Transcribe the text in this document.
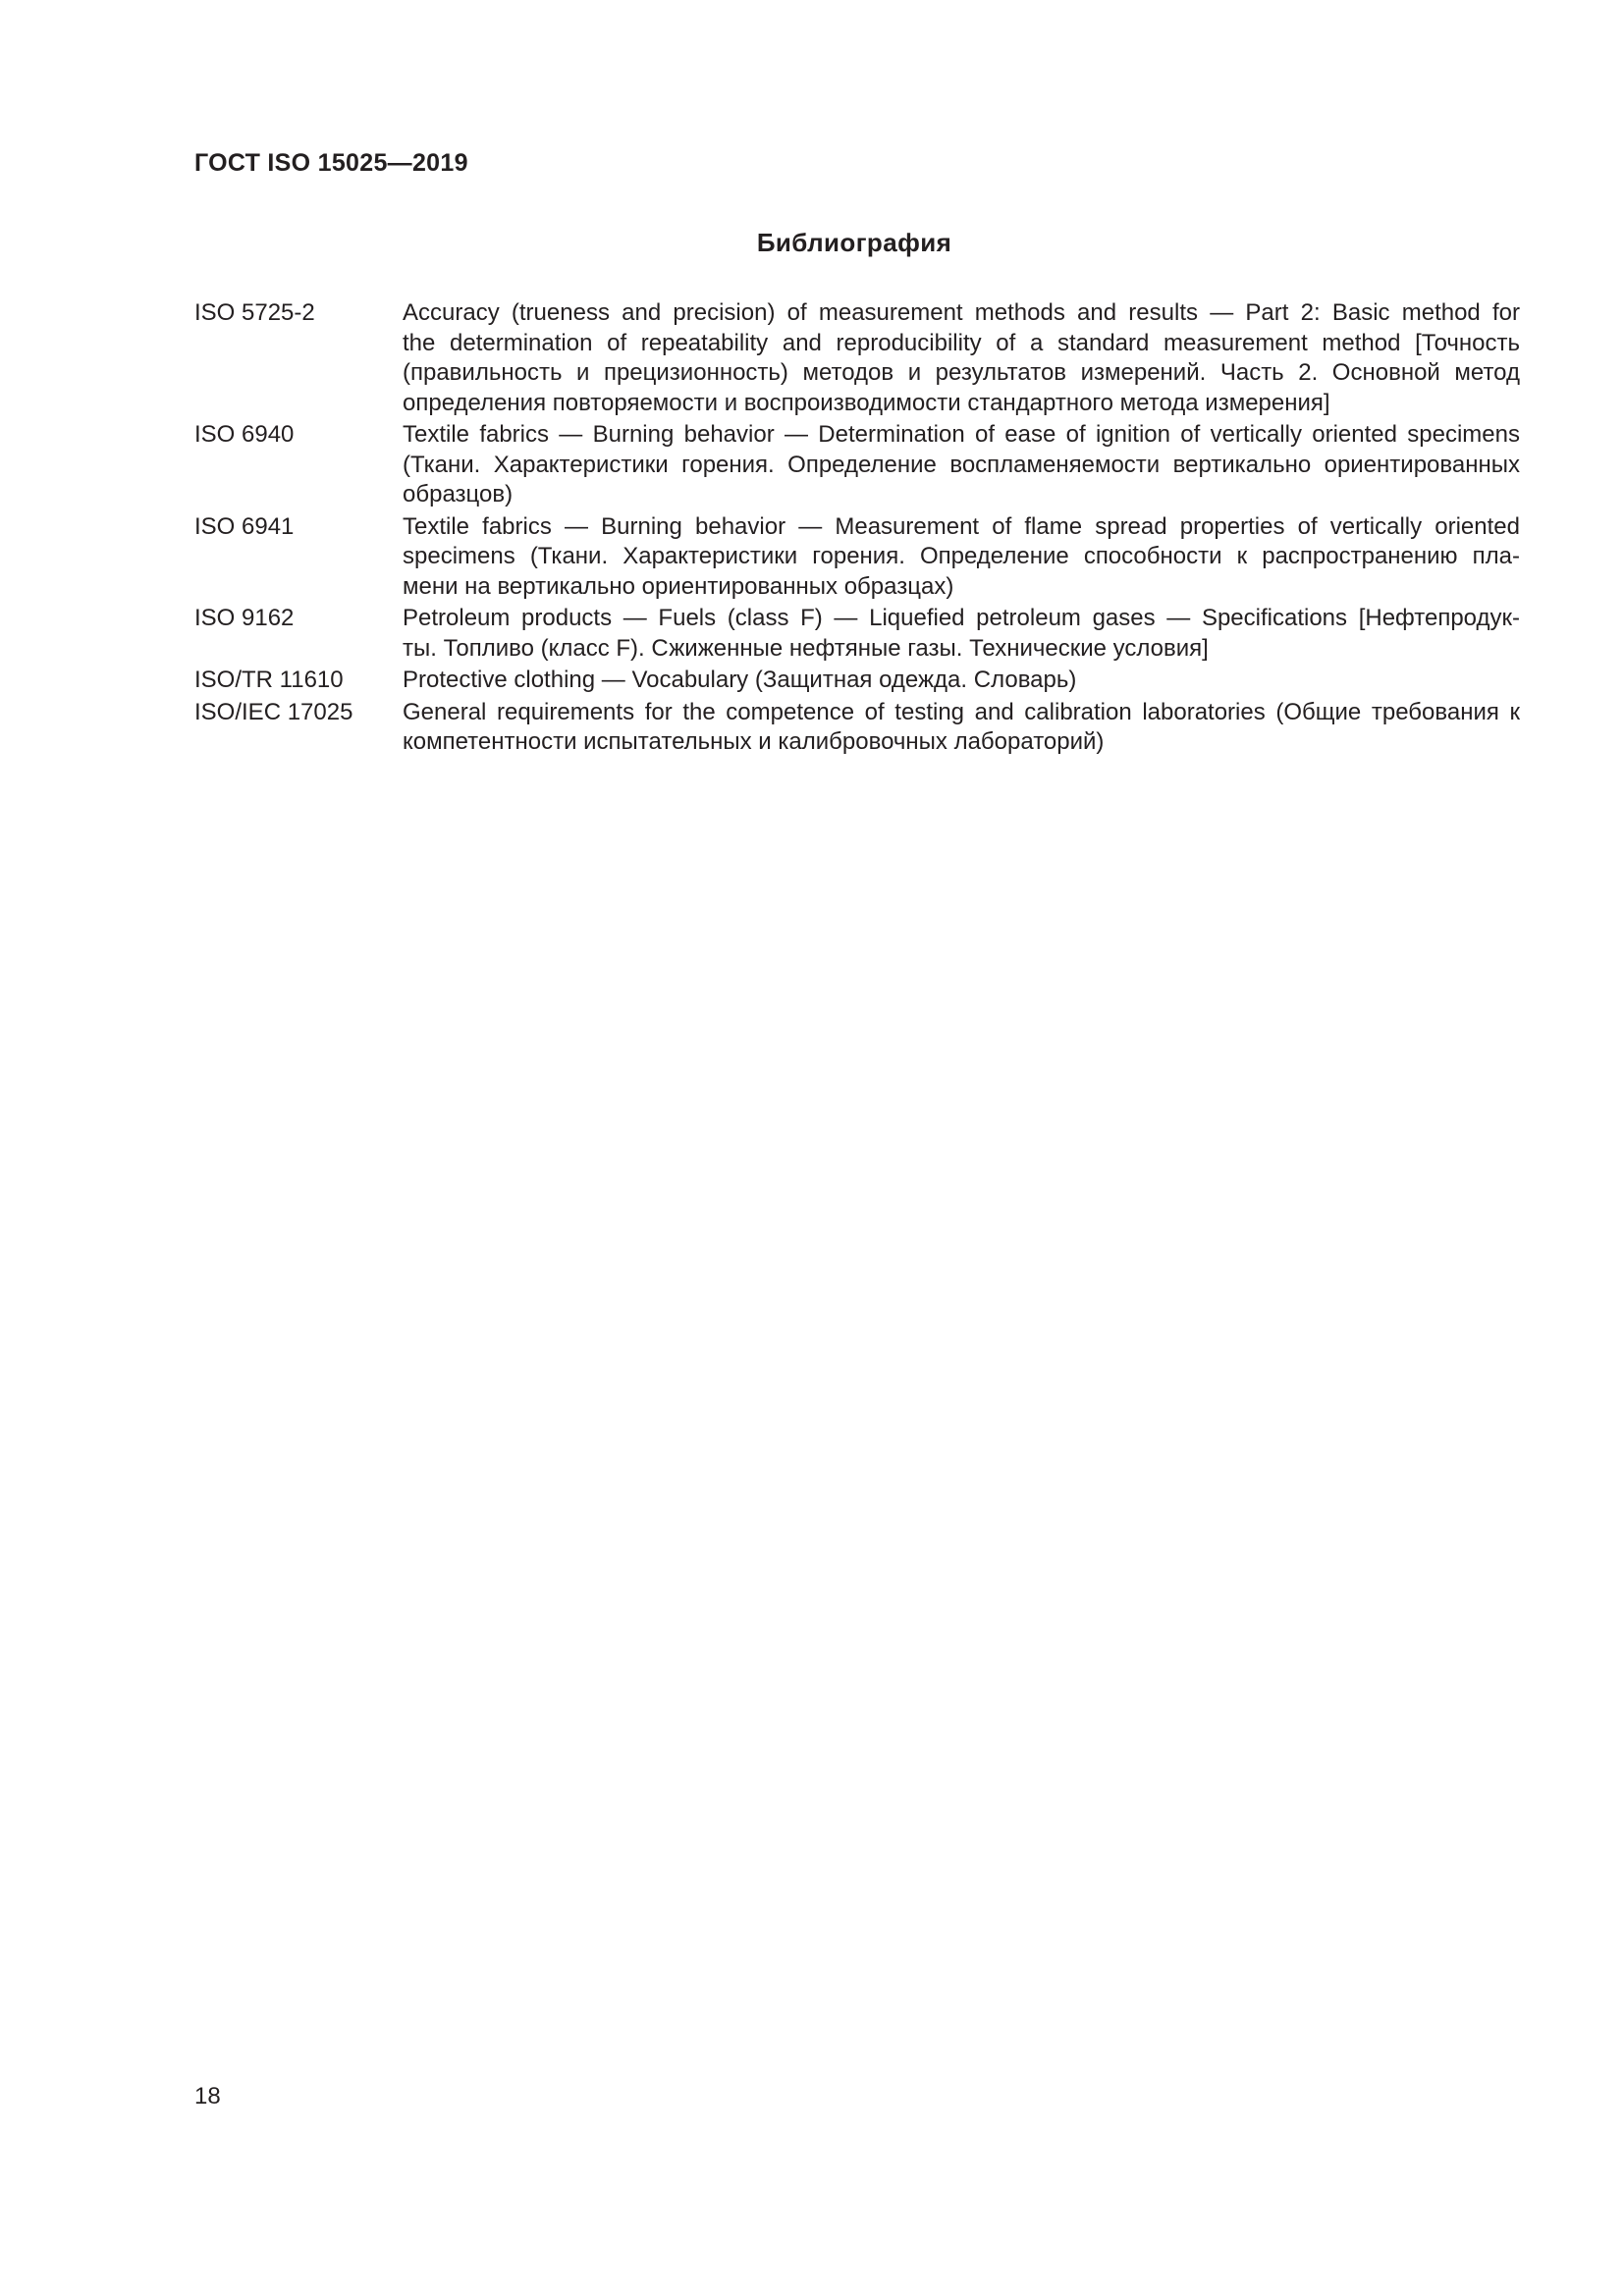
ГОСТ ISO 15025—2019
Библиография
ISO 5725-2	Accuracy (trueness and precision) of measurement methods and results — Part 2: Basic method for
the determination of repeatability and reproducibility of a standard measurement method [Точность
(правильность и прецизионность) методов и результатов измерений. Часть 2. Основной метод
определения повторяемости и воспроизводимости стандартного метода измерения]
ISO 6940	Textile fabrics — Burning behavior — Determination of ease of ignition of vertically oriented specimens
(Ткани. Характеристики горения. Определение воспламеняемости вертикально ориентированных
образцов)
ISO 6941	Textile fabrics — Burning behavior — Measurement of flame spread properties of vertically oriented
specimens (Ткани. Характеристики горения. Определение способности к распространению пла-
мени на вертикально ориентированных образцах)
ISO 9162	Petroleum products — Fuels (class F) — Liquefied petroleum gases — Specifications [Нефтепродук-
ты. Топливо (класс F). Сжиженные нефтяные газы. Технические условия]
ISO/TR 11610	Protective clothing — Vocabulary (Защитная одежда. Словарь)
ISO/IEC 17025	General requirements for the competence of testing and calibration laboratories (Общие требования к
компетентности испытательных и калибровочных лабораторий)
18
